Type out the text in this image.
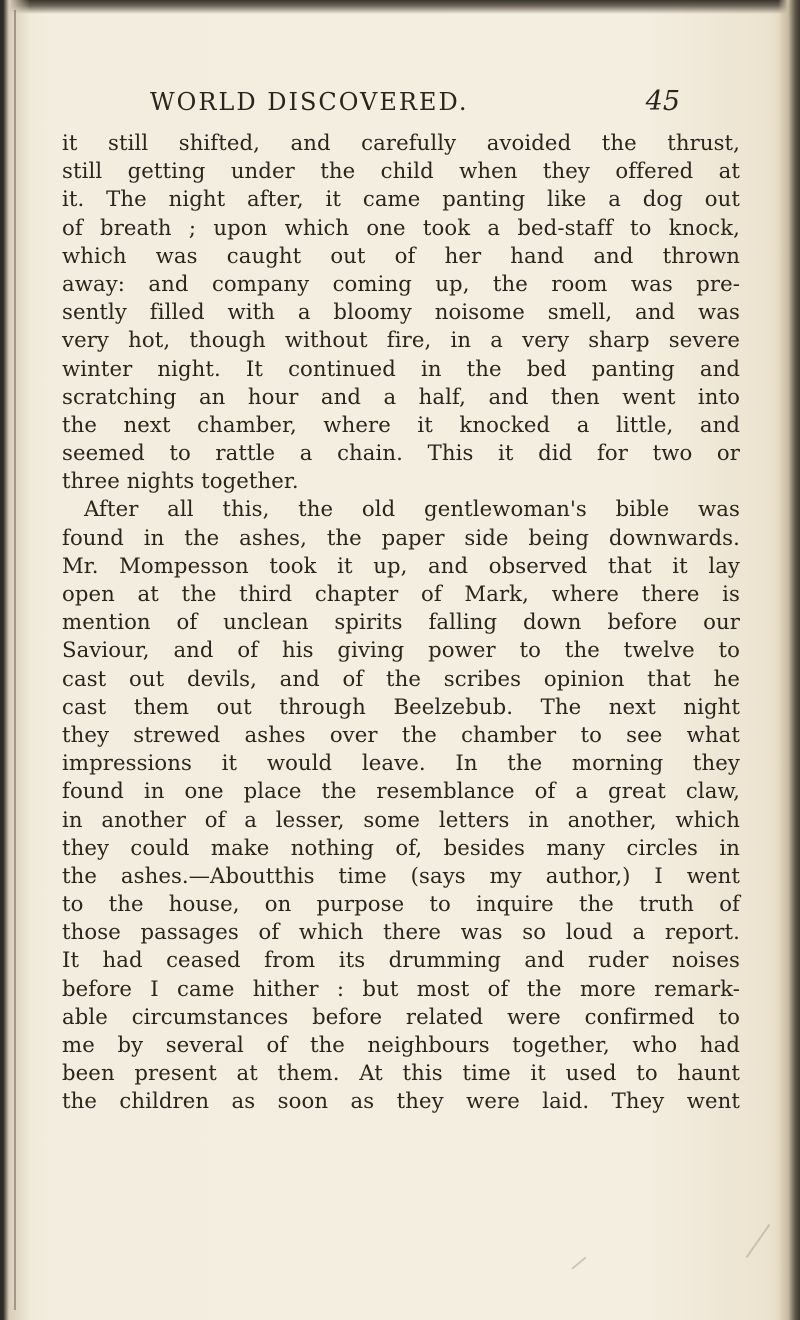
WORLD DISCOVERED.	45
it still shifted, and carefully avoided the thrust,
still getting under the child when they offered at
it. The night after, it came panting like a dog out
of breath ; upon which one took a bed-staff to knock,
which was caught out of her hand and thrown
away: and company coming up, the room was pre-
sently filled with a bloomy noisome smell, and was
very hot, though without fire, in a very sharp severe
winter night. It continued in the bed panting and
scratching an hour and a half, and then went into
the next chamber, where it knocked a little, and
seemed to rattle a chain. This it did for two or
three nights together.
After all this, the old gentlewoman's bible was
found in the ashes, the paper side being downwards.
Mr. Mompesson took it up, and observed that it lay
open at the third chapter of Mark, where there is
mention of unclean spirits falling down before our
Saviour, and of his giving power to the twelve to
cast out devils, and of the scribes opinion that he
cast them out through Beelzebub. The next night
they strewed ashes over the chamber to see what
impressions it would leave. In the morning they
found in one place the resemblance of a great claw,
in another of a lesser, some letters in another, which
they could make nothing of, besides many circles in
the ashes.—Aboutthis time (says my author,) I went
to the house, on purpose to inquire the truth of
those passages of which there was so loud a report.
It had ceased from its drumming and ruder noises
before I came hither : but most of the more remark-
able circumstances before related were confirmed to
me by several of the neighbours together, who had
been present at them. At this time it used to haunt
the children as soon as they were laid. They went
